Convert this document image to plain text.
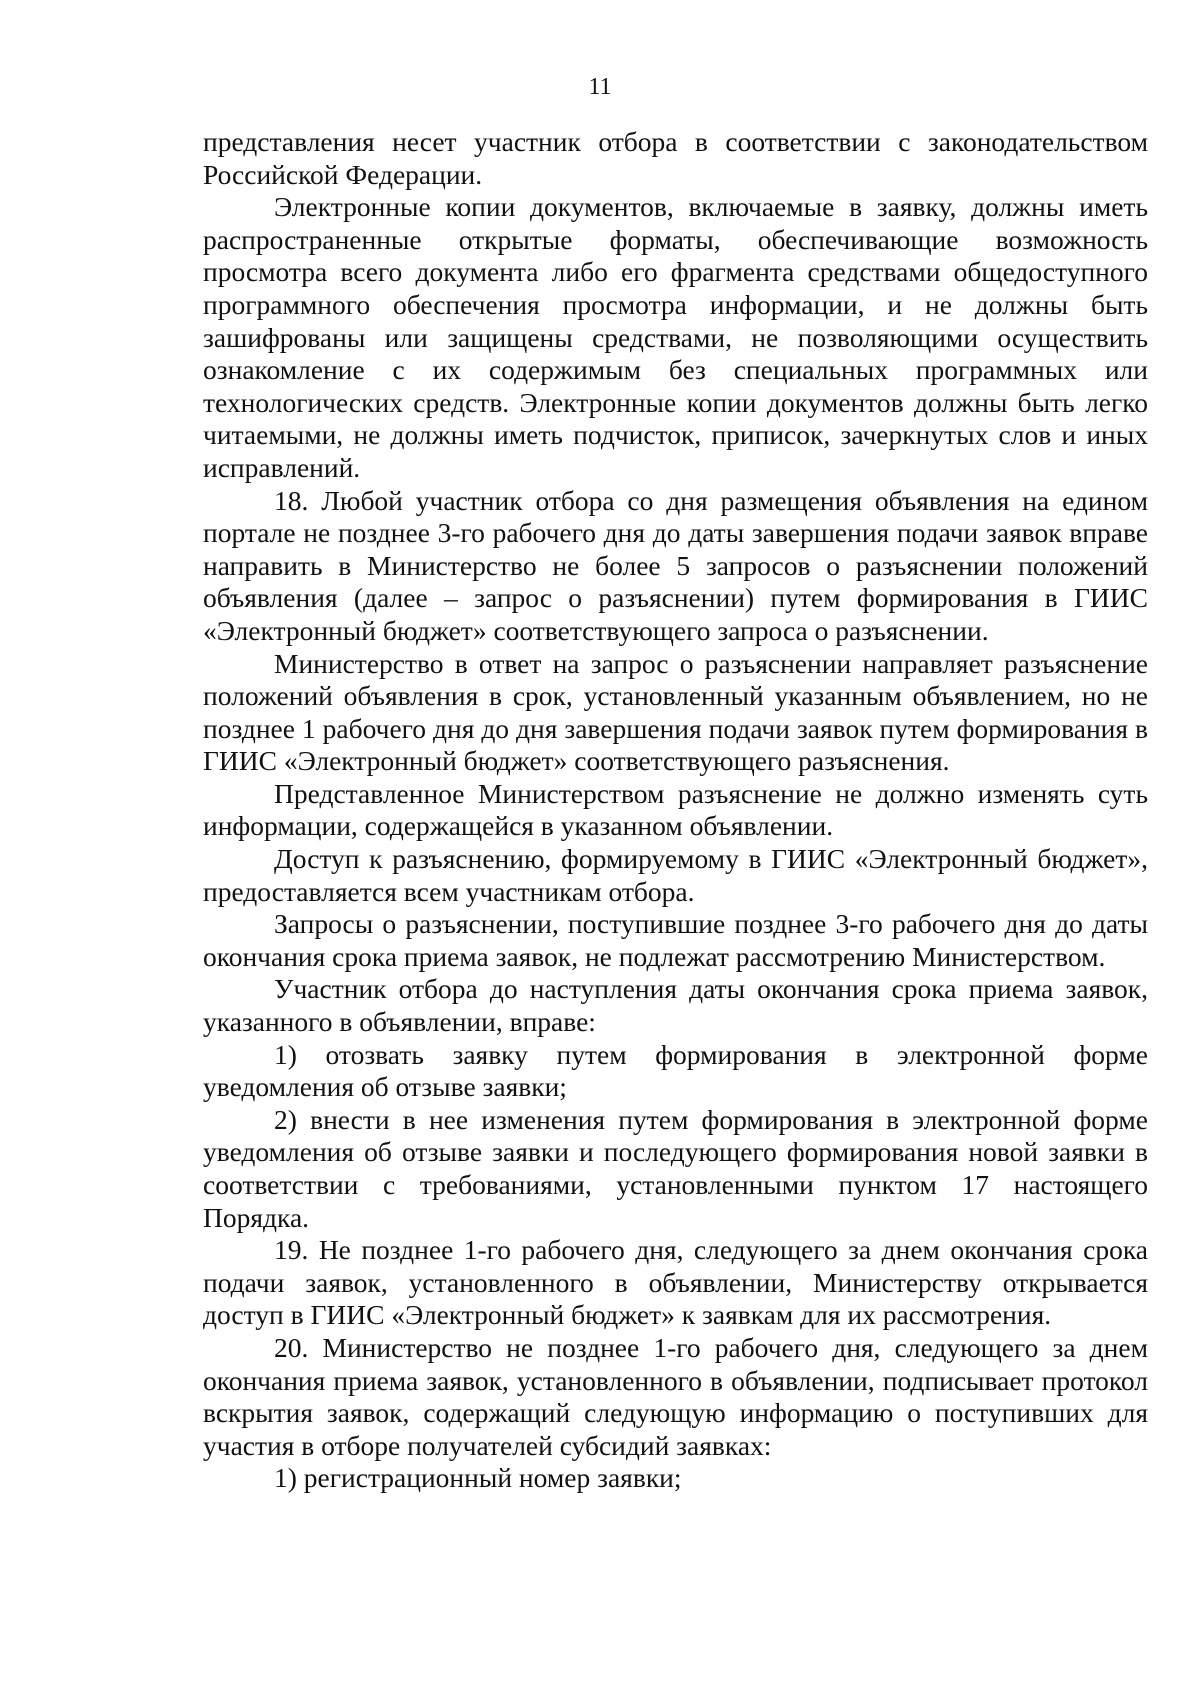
11

представления несет участник отбора в соответствии с законодательством Российской Федерации.

Электронные копии документов, включаемые в заявку, должны иметь распространенные открытые форматы, обеспечивающие возможность просмотра всего документа либо его фрагмента средствами общедоступного программного обеспечения просмотра информации, и не должны быть зашифрованы или защищены средствами, не позволяющими осуществить ознакомление с их содержимым без специальных программных или технологических средств. Электронные копии документов должны быть легко читаемыми, не должны иметь подчисток, приписок, зачеркнутых слов и иных исправлений.

18. Любой участник отбора со дня размещения объявления на едином портале не позднее 3-го рабочего дня до даты завершения подачи заявок вправе направить в Министерство не более 5 запросов о разъяснении положений объявления (далее – запрос о разъяснении) путем формирования в ГИИС «Электронный бюджет» соответствующего запроса о разъяснении.

Министерство в ответ на запрос о разъяснении направляет разъяснение положений объявления в срок, установленный указанным объявлением, но не позднее 1 рабочего дня до дня завершения подачи заявок путем формирования в ГИИС «Электронный бюджет» соответствующего разъяснения.

Представленное Министерством разъяснение не должно изменять суть информации, содержащейся в указанном объявлении.

Доступ к разъяснению, формируемому в ГИИС «Электронный бюджет», предоставляется всем участникам отбора.

Запросы о разъяснении, поступившие позднее 3-го рабочего дня до даты окончания срока приема заявок, не подлежат рассмотрению Министерством.

Участник отбора до наступления даты окончания срока приема заявок, указанного в объявлении, вправе:

1) отозвать заявку путем формирования в электронной форме уведомления об отзыве заявки;

2) внести в нее изменения путем формирования в электронной форме уведомления об отзыве заявки и последующего формирования новой заявки в соответствии с требованиями, установленными пунктом 17 настоящего Порядка.

19. Не позднее 1-го рабочего дня, следующего за днем окончания срока подачи заявок, установленного в объявлении, Министерству открывается доступ в ГИИС «Электронный бюджет» к заявкам для их рассмотрения.

20. Министерство не позднее 1-го рабочего дня, следующего за днем окончания приема заявок, установленного в объявлении, подписывает протокол вскрытия заявок, содержащий следующую информацию о поступивших для участия в отборе получателей субсидий заявках:

1) регистрационный номер заявки;
